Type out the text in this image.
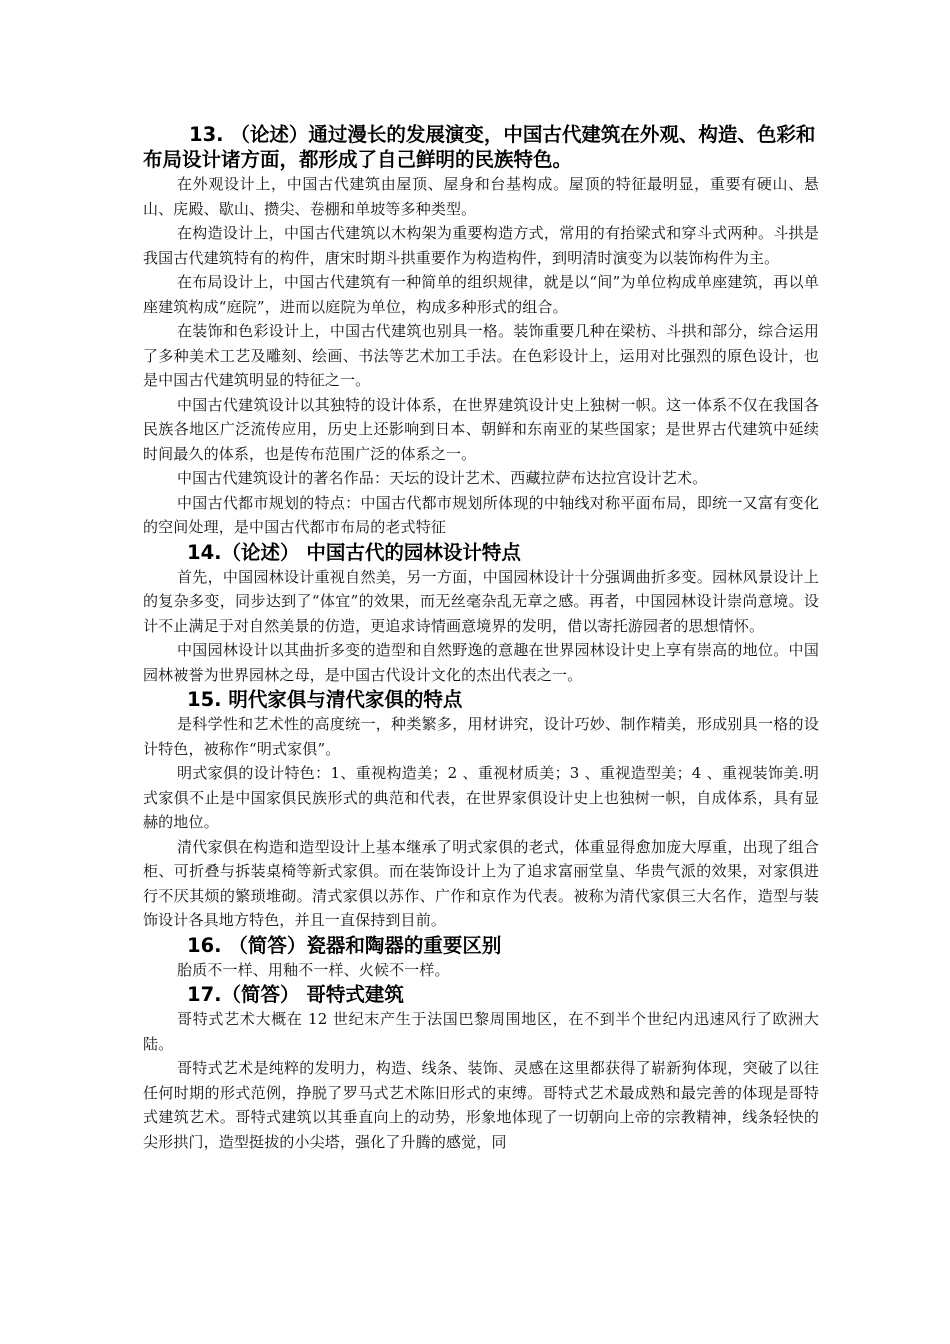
13. （论述）通过漫长的发展演变，中国古代建筑在外观、构造、色彩和布局设计诸方面，都形成了自己鲜明的民族特色。

在外观设计上，中国古代建筑由屋顶、屋身和台基构成。屋顶的特征最明显，重要有硬山、悬山、庑殿、歇山、攒尖、卷棚和单坡等多种类型。

在构造设计上，中国古代建筑以木构架为重要构造方式，常用的有抬梁式和穿斗式两种。斗拱是我国古代建筑特有的构件，唐宋时期斗拱重要作为构造构件，到明清时演变为以装饰构件为主。

在布局设计上，中国古代建筑有一种简单的组织规律，就是以“间”为单位构成单座建筑，再以单座建筑构成“庭院”，进而以庭院为单位，构成多种形式的组合。

在装饰和色彩设计上，中国古代建筑也别具一格。装饰重要几种在梁枋、斗拱和部分，综合运用了多种美术工艺及雕刻、绘画、书法等艺术加工手法。在色彩设计上，运用对比强烈的原色设计，也是中国古代建筑明显的特征之一。

中国古代建筑设计以其独特的设计体系，在世界建筑设计史上独树一帜。这一体系不仅在我国各民族各地区广泛流传应用，历史上还影响到日本、朝鲜和东南亚的某些国家；是世界古代建筑中延续时间最久的体系，也是传布范围广泛的体系之一。

中国古代建筑设计的著名作品：天坛的设计艺术、西藏拉萨布达拉宫设计艺术。

中国古代都市规划的特点：中国古代都市规划所体现的中轴线对称平面布局，即统一又富有变化的空间处理，是中国古代都市布局的老式特征

14.（论述） 中国古代的园林设计特点

首先，中国园林设计重视自然美，另一方面，中国园林设计十分强调曲折多变。园林风景设计上的复杂多变，同步达到了“体宜”的效果，而无丝毫杂乱无章之感。再者，中国园林设计崇尚意境。设计不止满足于对自然美景的仿造，更追求诗情画意境界的发明，借以寄托游园者的思想情怀。

中国园林设计以其曲折多变的造型和自然野逸的意趣在世界园林设计史上享有崇高的地位。中国园林被誉为世界园林之母，是中国古代设计文化的杰出代表之一。

15. 明代家俱与清代家俱的特点

是科学性和艺术性的高度统一，种类繁多，用材讲究，设计巧妙、制作精美，形成别具一格的设计特色，被称作“明式家俱”。

明式家俱的设计特色：1、重视构造美；2 、重视材质美；3 、重视造型美；4 、重视装饰美.明式家俱不止是中国家俱民族形式的典范和代表，在世界家俱设计史上也独树一帜，自成体系，具有显赫的地位。

清代家俱在构造和造型设计上基本继承了明式家俱的老式，体重显得愈加庞大厚重，出现了组合柜、可折叠与拆装桌椅等新式家俱。而在装饰设计上为了追求富丽堂皇、华贵气派的效果，对家俱进行不厌其烦的繁琐堆砌。清式家俱以苏作、广作和京作为代表。被称为清代家俱三大名作，造型与装饰设计各具地方特色，并且一直保持到目前。

16. （简答）瓷器和陶器的重要区别

胎质不一样、用釉不一样、火候不一样。

17.（简答） 哥特式建筑

哥特式艺术大概在 12 世纪末产生于法国巴黎周围地区，在不到半个世纪内迅速风行了欧洲大陆。

哥特式艺术是纯粹的发明力，构造、线条、装饰、灵感在这里都获得了崭新狗体现，突破了以往任何时期的形式范例，挣脱了罗马式艺术陈旧形式的束缚。哥特式艺术最成熟和最完善的体现是哥特式建筑艺术。哥特式建筑以其垂直向上的动势，形象地体现了一切朝向上帝的宗教精神，线条轻快的尖形拱门，造型挺拔的小尖塔，强化了升腾的感觉，同
